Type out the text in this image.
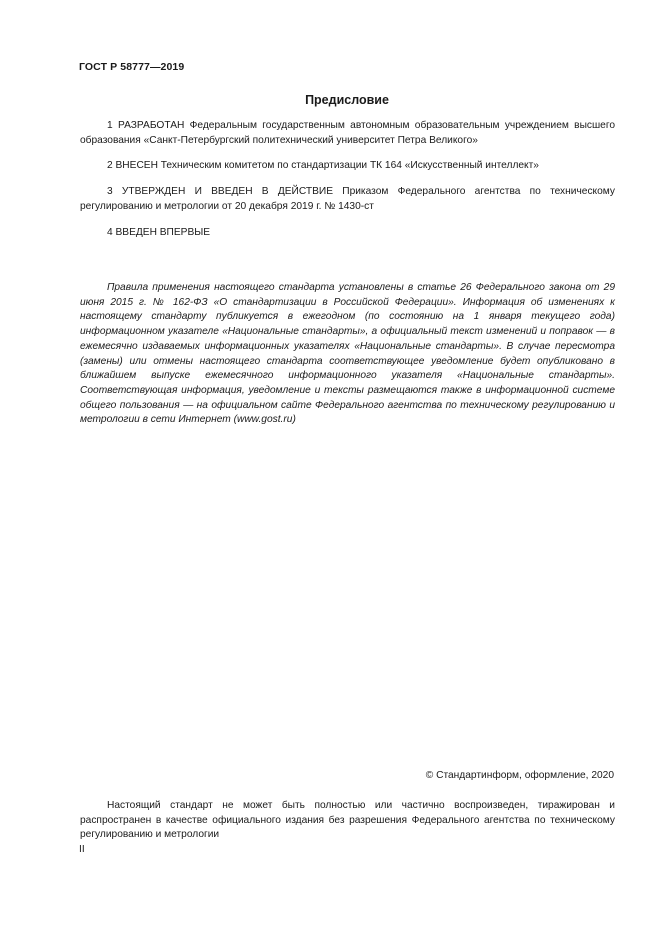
ГОСТ Р 58777—2019
Предисловие
1 РАЗРАБОТАН Федеральным государственным автономным образовательным учреждением высшего образования «Санкт-Петербургский политехнический университет Петра Великого»
2 ВНЕСЕН Техническим комитетом по стандартизации ТК 164 «Искусственный интеллект»
3 УТВЕРЖДЕН И ВВЕДЕН В ДЕЙСТВИЕ Приказом Федерального агентства по техническому регулированию и метрологии от 20 декабря 2019 г. № 1430-ст
4 ВВЕДЕН ВПЕРВЫЕ
Правила применения настоящего стандарта установлены в статье 26 Федерального закона от 29 июня 2015 г. № 162-ФЗ «О стандартизации в Российской Федерации». Информация об изменениях к настоящему стандарту публикуется в ежегодном (по состоянию на 1 января текущего года) информационном указателе «Национальные стандарты», а официальный текст изменений и поправок — в ежемесячно издаваемых информационных указателях «Национальные стандарты». В случае пересмотра (замены) или отмены настоящего стандарта соответствующее уведомление будет опубликовано в ближайшем выпуске ежемесячного информационного указателя «Национальные стандарты». Соответствующая информация, уведомление и тексты размещаются также в информационной системе общего пользования — на официальном сайте Федерального агентства по техническому регулированию и метрологии в сети Интернет (www.gost.ru)
© Стандартинформ, оформление, 2020
Настоящий стандарт не может быть полностью или частично воспроизведен, тиражирован и распространен в качестве официального издания без разрешения Федерального агентства по техническому регулированию и метрологии
II
